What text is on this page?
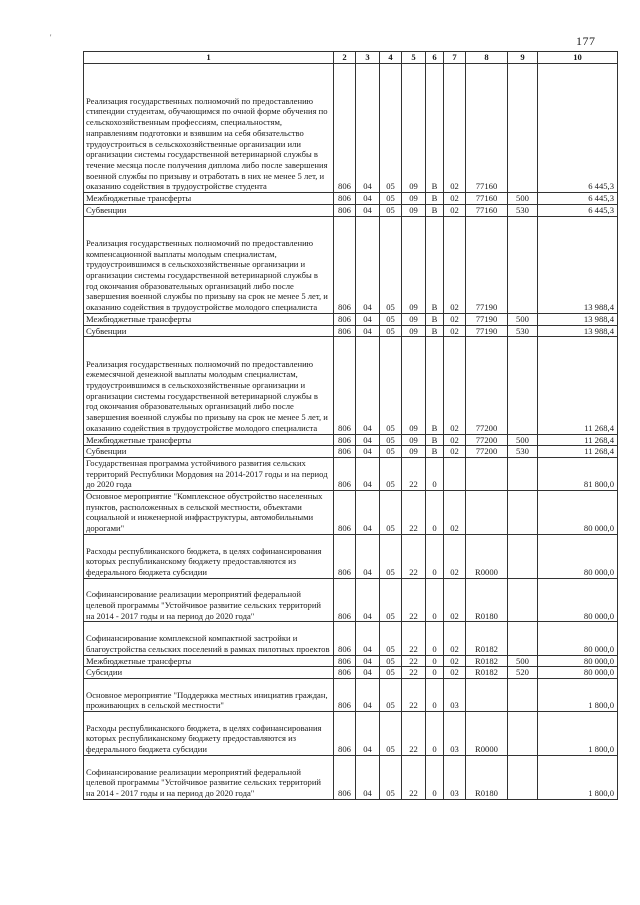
177
'
1	2	3	4	5	6	7	8	9	10
Реализация государственных полномочий по предоставлению стипендии студентам, обучающимся по очной форме обучения по сельскохозяйственным профессиям, специальностям, направлениям подготовки и взявшим на себя обязательство трудоустроиться в сельскохозяйственные организации или организации системы государственной ветеринарной службы в течение месяца после получения диплома либо после завершения военной службы по призыву и отработать в них не менее 5 лет, и оказанию содействия в трудоустройстве студента	806	04	05	09	В	02	77160		6 445,3
Межбюджетные трансферты	806	04	05	09	В	02	77160	500	6 445,3
Субвенции	806	04	05	09	В	02	77160	530	6 445,3
Реализация государственных полномочий по предоставлению компенсационной выплаты молодым специалистам, трудоустроившимся в сельскохозяйственные организации и организации системы государственной ветеринарной службы в год окончания образовательных организаций либо после завершения военной службы по призыву на срок не менее 5 лет, и оказанию содействия в трудоустройстве молодого специалиста	806	04	05	09	В	02	77190		13 988,4
Межбюджетные трансферты	806	04	05	09	В	02	77190	500	13 988,4
Субвенции	806	04	05	09	В	02	77190	530	13 988,4
Реализация государственных полномочий по предоставлению ежемесячной денежной выплаты молодым специалистам, трудоустроившимся в сельскохозяйственные организации и организации системы государственной ветеринарной службы в год окончания образовательных организаций либо после завершения военной службы по призыву на срок не менее 5 лет, и оказанию содействия в трудоустройстве молодого специалиста	806	04	05	09	В	02	77200		11 268,4
Межбюджетные трансферты	806	04	05	09	В	02	77200	500	11 268,4
Субвенции	806	04	05	09	В	02	77200	530	11 268,4
Государственная программа устойчивого развития сельских территорий Республики Мордовия на 2014-2017 годы и на период до 2020 года	806	04	05	22	0				81 800,0
Основное мероприятие "Комплексное обустройство населенных пунктов, расположенных в сельской местности, объектами социальной и инженерной инфраструктуры, автомобильными дорогами"	806	04	05	22	0	02			80 000,0
Расходы республиканского бюджета, в целях софинансирования которых республиканскому бюджету предоставляются из федерального бюджета субсидии	806	04	05	22	0	02	R0000		80 000,0
Софинансирование реализации мероприятий федеральной целевой программы "Устойчивое развитие сельских территорий на 2014 - 2017 годы и на период до 2020 года"	806	04	05	22	0	02	R0180		80 000,0
Софинансирование комплексной компактной застройки и благоустройства сельских поселений в рамках пилотных проектов	806	04	05	22	0	02	R0182		80 000,0
Межбюджетные трансферты	806	04	05	22	0	02	R0182	500	80 000,0
Субсидии	806	04	05	22	0	02	R0182	520	80 000,0
Основное мероприятие "Поддержка местных инициатив граждан, проживающих в сельской местности"	806	04	05	22	0	03			1 800,0
Расходы республиканского бюджета, в целях софинансирования которых республиканскому бюджету предоставляются из федерального бюджета субсидии	806	04	05	22	0	03	R0000		1 800,0
Софинансирование реализации мероприятий федеральной целевой программы "Устойчивое развитие сельских территорий на 2014 - 2017 годы и на период до 2020 года"	806	04	05	22	0	03	R0180		1 800,0
